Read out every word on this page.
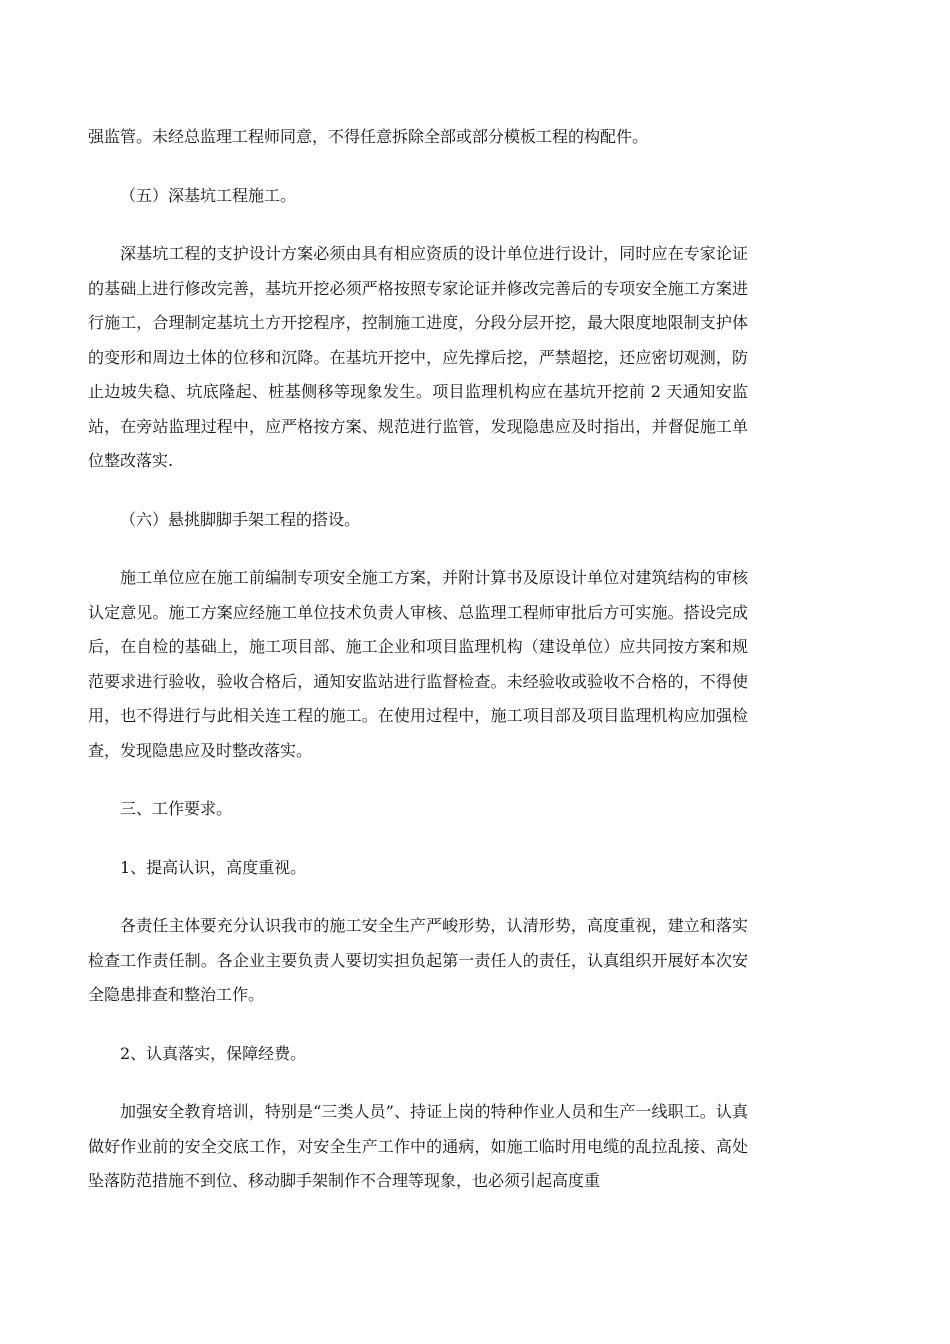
强监管。未经总监理工程师同意，不得任意拆除全部或部分模板工程的构配件。

（五）深基坑工程施工。

深基坑工程的支护设计方案必须由具有相应资质的设计单位进行设计，同时应在专家论证的基础上进行修改完善，基坑开挖必须严格按照专家论证并修改完善后的专项安全施工方案进行施工，合理制定基坑土方开挖程序，控制施工进度，分段分层开挖，最大限度地限制支护体的变形和周边土体的位移和沉降。在基坑开挖中，应先撑后挖，严禁超挖，还应密切观测，防止边坡失稳、坑底隆起、桩基侧移等现象发生。项目监理机构应在基坑开挖前 2 天通知安监站，在旁站监理过程中，应严格按方案、规范进行监管，发现隐患应及时指出，并督促施工单位整改落实.

（六）悬挑脚脚手架工程的搭设。

施工单位应在施工前编制专项安全施工方案，并附计算书及原设计单位对建筑结构的审核认定意见。施工方案应经施工单位技术负责人审核、总监理工程师审批后方可实施。搭设完成后，在自检的基础上，施工项目部、施工企业和项目监理机构（建设单位）应共同按方案和规范要求进行验收，验收合格后，通知安监站进行监督检查。未经验收或验收不合格的，不得使用，也不得进行与此相关连工程的施工。在使用过程中，施工项目部及项目监理机构应加强检查，发现隐患应及时整改落实。

三、工作要求。

1、提高认识，高度重视。

各责任主体要充分认识我市的施工安全生产严峻形势，认清形势，高度重视，建立和落实检查工作责任制。各企业主要负责人要切实担负起第一责任人的责任，认真组织开展好本次安全隐患排查和整治工作。

2、认真落实，保障经费。

加强安全教育培训，特别是“三类人员”、持证上岗的特种作业人员和生产一线职工。认真做好作业前的安全交底工作，对安全生产工作中的通病，如施工临时用电缆的乱拉乱接、高处坠落防范措施不到位、移动脚手架制作不合理等现象，也必须引起高度重
